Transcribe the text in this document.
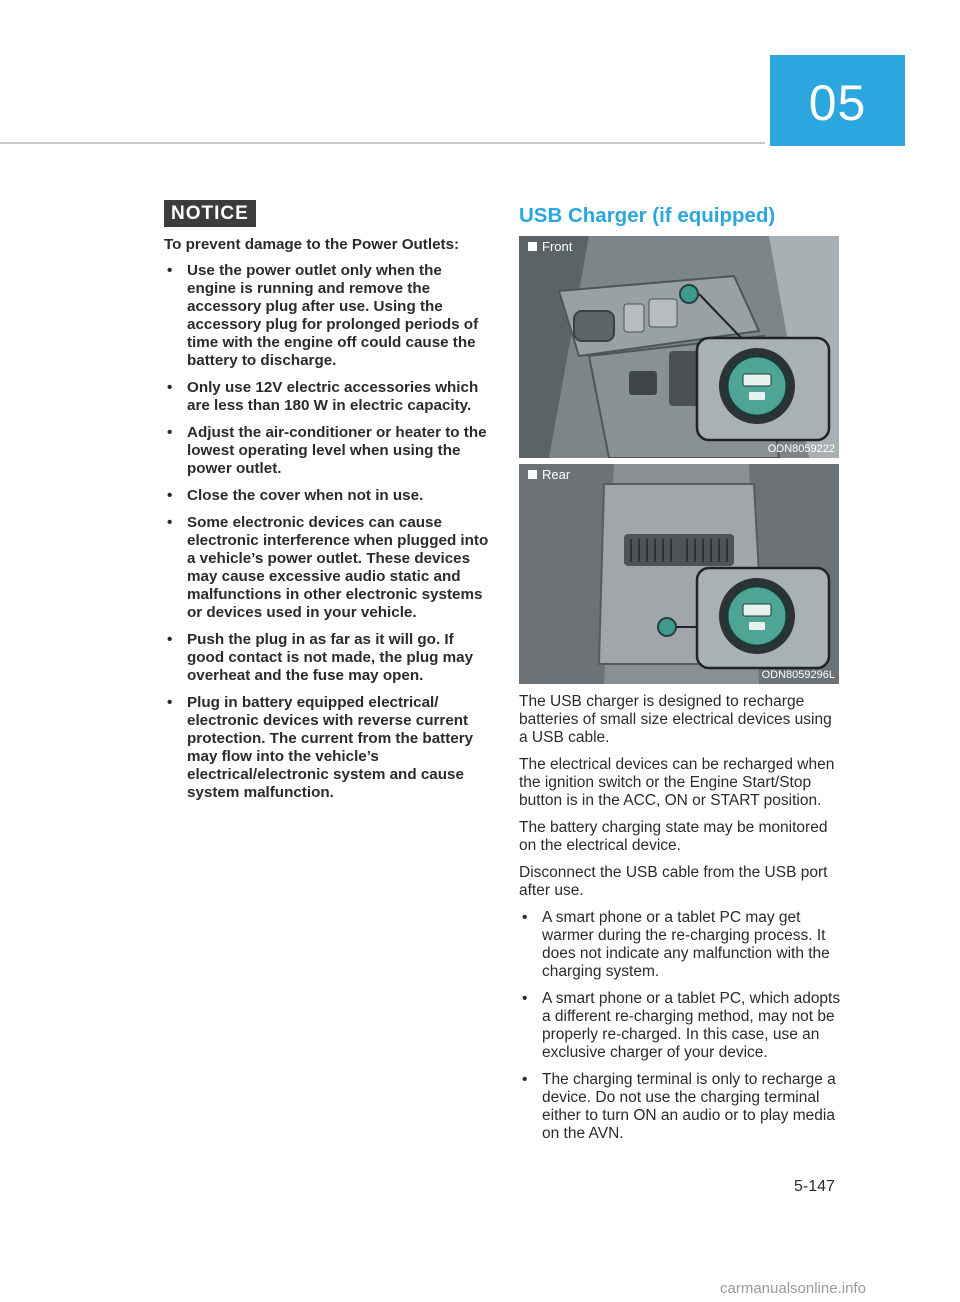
05
NOTICE

To prevent damage to the Power Outlets:

• Use the power outlet only when the engine is running and remove the accessory plug after use. Using the accessory plug for prolonged periods of time with the engine off could cause the battery to discharge.
• Only use 12V electric accessories which are less than 180 W in electric capacity.
• Adjust the air-conditioner or heater to the lowest operating level when using the power outlet.
• Close the cover when not in use.
• Some electronic devices can cause electronic interference when plugged into a vehicle’s power outlet. These devices may cause excessive audio static and malfunctions in other electronic systems or devices used in your vehicle.
• Push the plug in as far as it will go. If good contact is not made, the plug may overheat and the fuse may open.
• Plug in battery equipped electrical/ electronic devices with reverse current protection. The current from the battery may flow into the vehicle’s electrical/electronic system and cause system malfunction.
USB Charger (if equipped)
Front
ODN8059222
Rear
ODN8059296L

The USB charger is designed to recharge batteries of small size electrical devices using a USB cable.

The electrical devices can be recharged when the ignition switch or the Engine Start/Stop button is in the ACC, ON or START position.

The battery charging state may be monitored on the electrical device.

Disconnect the USB cable from the USB port after use.

• A smart phone or a tablet PC may get warmer during the re-charging process. It does not indicate any malfunction with the charging system.
• A smart phone or a tablet PC, which adopts a different re-charging method, may not be properly re-charged. In this case, use an exclusive charger of your device.
• The charging terminal is only to recharge a device. Do not use the charging terminal either to turn ON an audio or to play media on the AVN.
5-147
carmanualsonline.info
